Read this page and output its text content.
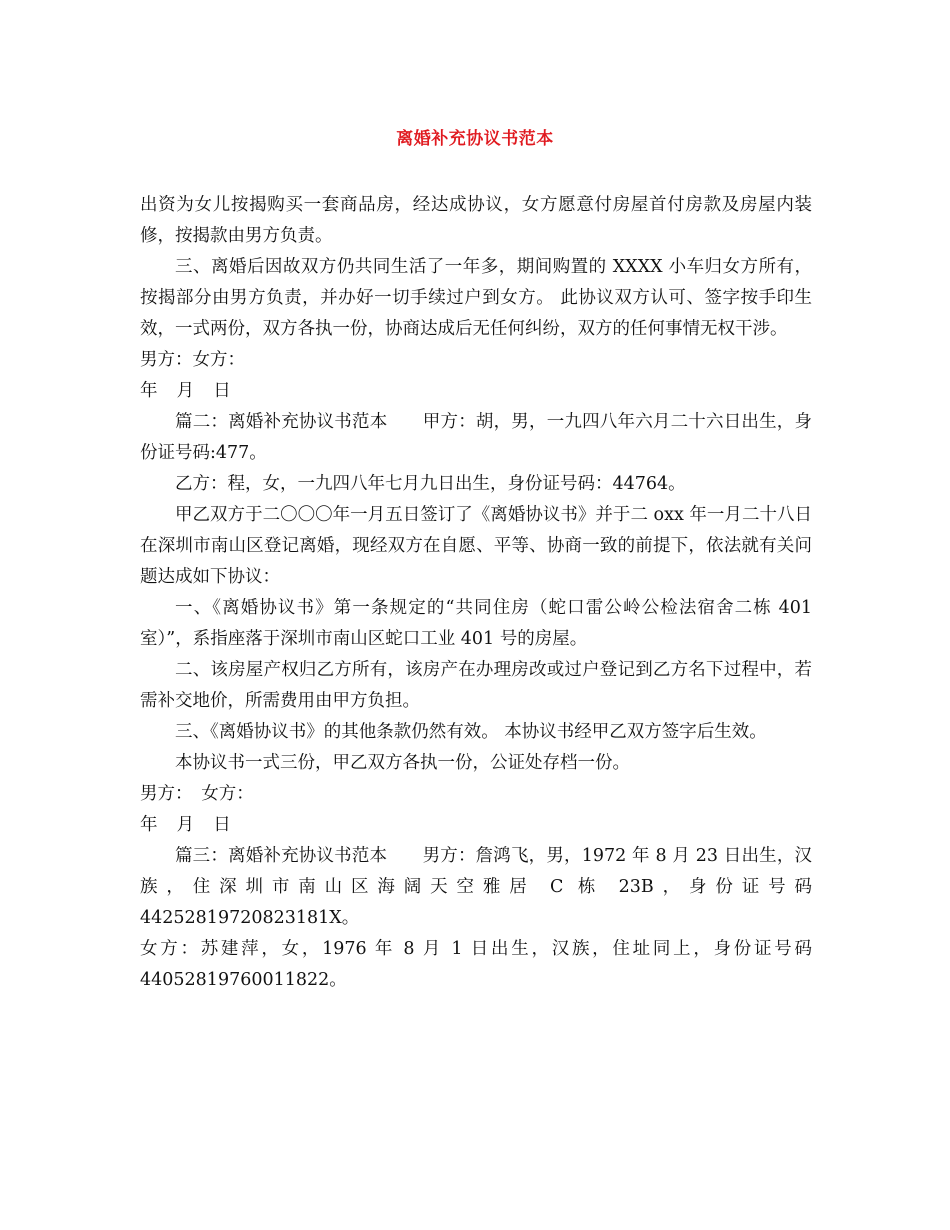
离婚补充协议书范本

出资为女儿按揭购买一套商品房，经达成协议，女方愿意付房屋首付房款及房屋内装修，按揭款由男方负责。

三、离婚后因故双方仍共同生活了一年多，期间购置的 XXXX 小车归女方所有，按揭部分由男方负责，并办好一切手续过户到女方。 此协议双方认可、签字按手印生效，一式两份，双方各执一份，协商达成后无任何纠纷，双方的任何事情无权干涉。

男方：女方：

年  月  日

篇二：离婚补充协议书范本　　甲方：胡，男，一九四八年六月二十六日出生，身份证号码:477。

乙方：程，女，一九四八年七月九日出生，身份证号码：44764。

甲乙双方于二〇〇〇年一月五日签订了《离婚协议书》并于二 oxx 年一月二十八日在深圳市南山区登记离婚，现经双方在自愿、平等、协商一致的前提下，依法就有关问题达成如下协议：

一、《离婚协议书》第一条规定的“共同住房（蛇口雷公岭公检法宿舍二栋 401 室）”，系指座落于深圳市南山区蛇口工业 401 号的房屋。

二、该房屋产权归乙方所有，该房产在办理房改或过户登记到乙方名下过程中，若需补交地价，所需费用由甲方负担。

三、《离婚协议书》的其他条款仍然有效。 本协议书经甲乙双方签字后生效。

本协议书一式三份，甲乙双方各执一份，公证处存档一份。

男方：　女方：

年  月  日

篇三：离婚补充协议书范本　　男方：詹鸿飞，男，1972 年 8 月 23 日出生，汉族，住深圳市南山区海阔天空雅居 C 栋 23B，身份证号码 44252819720823181X。

女方：苏建萍，女，1976 年 8 月 1 日出生，汉族，住址同上，身份证号码 44052819760011822。
